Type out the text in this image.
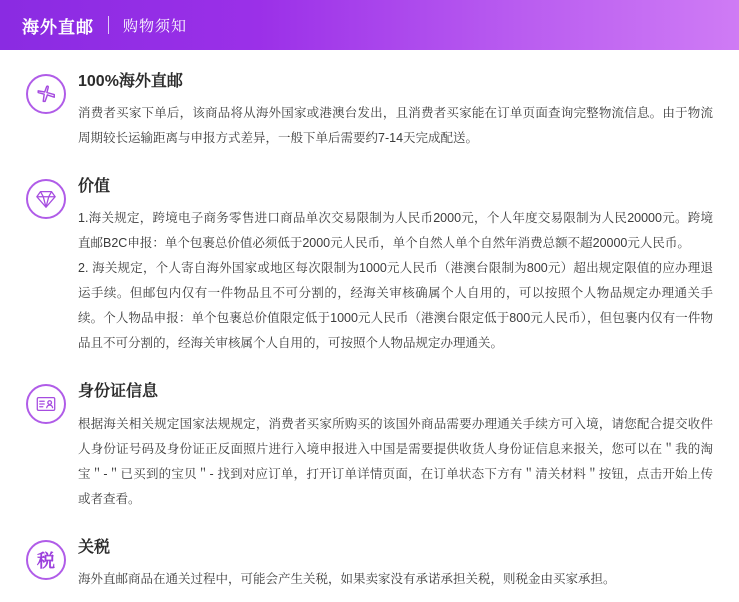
海外直邮 购物须知
100%海外直邮

消费者买家下单后，该商品将从海外国家或港澳台发出，且消费者买家能在订单页面查询完整物流信息。由于物流周期较长运输距离与申报方式差异，一般下单后需要约7-14天完成配送。

价值

1.海关规定，跨境电子商务零售进口商品单次交易限制为人民币2000元，个人年度交易限制为人民20000元。跨境直邮B2C申报：单个包裹总价值必须低于2000元人民币，单个自然人单个自然年消费总额不超20000元人民币。

2. 海关规定，个人寄自海外国家或地区每次限制为1000元人民币（港澳台限制为800元）超出规定限值的应办理退运手续。但邮包内仅有一件物品且不可分割的，经海关审核确属个人自用的，可以按照个人物品规定办理通关手续。个人物品申报：单个包裹总价值限定低于1000元人民币（港澳台限定低于800元人民币），但包裹内仅有一件物品且不可分割的，经海关审核属个人自用的，可按照个人物品规定办理通关。

身份证信息

根据海关相关规定国家法规规定，消费者买家所购买的该国外商品需要办理通关手续方可入境，请您配合提交收件人身份证号码及身份证正反面照片进行入境申报进入中国是需要提供收货人身份证信息来报关，您可以在＂我的淘宝＂-＂已买到的宝贝＂- 找到对应订单，打开订单详情页面，在订单状态下方有＂清关材料＂按钮，点击开始上传或者查看。

税
关税

海外直邮商品在通关过程中，可能会产生关税，如果卖家没有承诺承担关税，则税金由买家承担。
